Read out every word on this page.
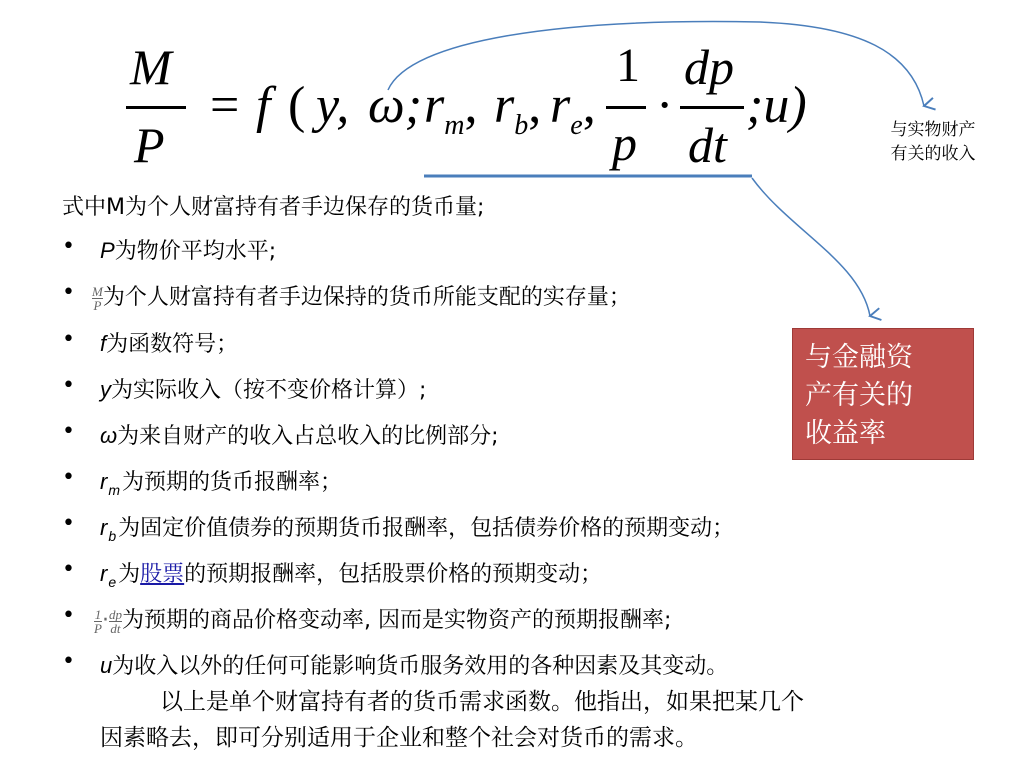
M
P
= f ( y, ω; $r_m$, $r_b$, $r_e$,
1
p
·
dp
dt
;u)	与实物财产
有关的收入
与金融资
产有关的
收益率
式中M为个人财富持有者手边保存的货币量;
•	P为物价平均水平;
•	$\frac{M}{P}$ 为个人财富持有者手边保持的货币所能支配的实存量；
•	f为函数符号；
•	y为实际收入（按不变价格计算）;
•	ω为来自财产的收入占总收入的比例部分;
•	$r_m$为预期的货币报酬率；
•	$r_b$为固定价值债券的预期货币报酬率，包括债券价格的预期变动；
•	$r_e$为股票的预期报酬率，包括股票价格的预期变动；
•	$\frac{1}{P} \cdot\frac{dp}{dt}$ 为预期的商品价格变动率, 因而是实物资产的预期报酬率;
•	u为收入以外的任何可能影响货币服务效用的各种因素及其变动。
以上是单个财富持有者的货币需求函数。他指出，如果把某几个
因素略去，即可分别适用于企业和整个社会对货币的需求。
